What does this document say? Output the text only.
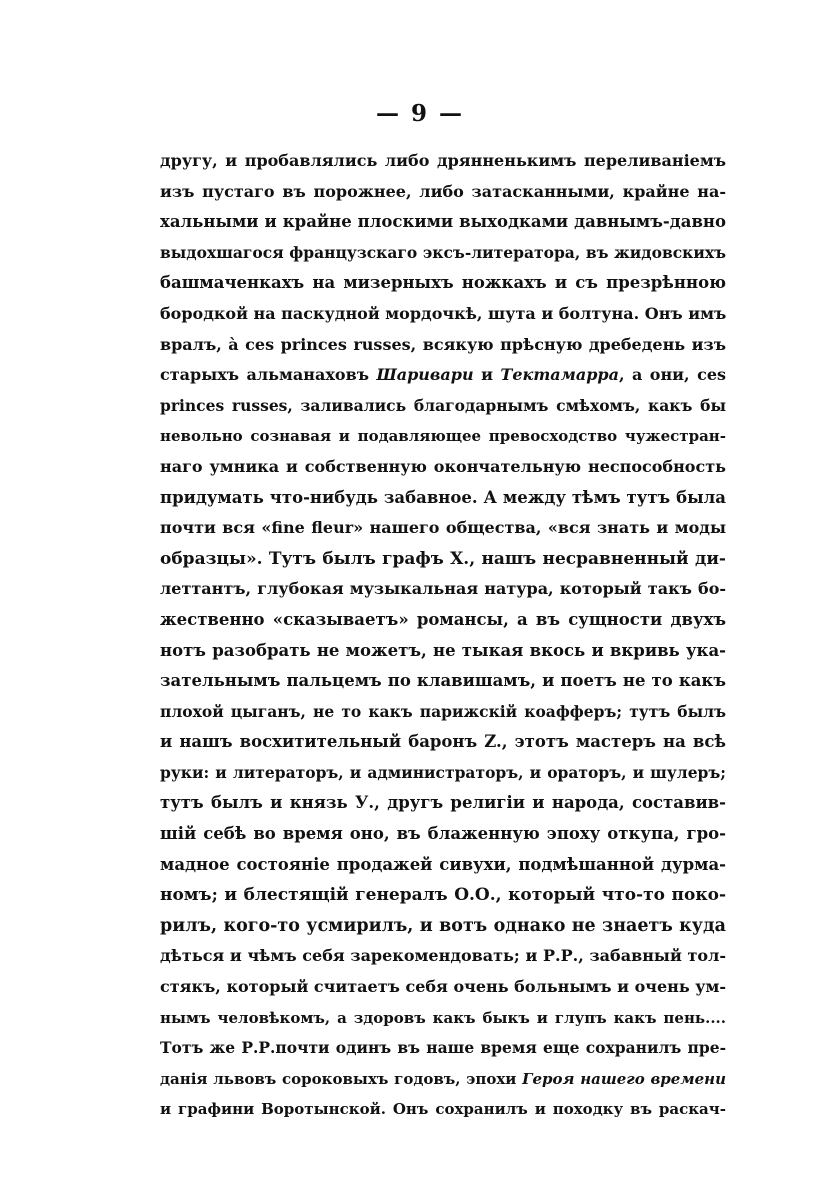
— 9 —
другу, и пробавлялись либо дрянненькимъ переливаніемъ
изъ пустаго въ порожнее, либо затасканными, крайне на-
хальными и крайне плоскими выходками давнымъ-давно
выдохшагося французскаго эксъ-литератора, въ жидовскихъ
башмаченкахъ на мизерныхъ ножкахъ и съ презрѣнною
бородкой на паскудной мордочкѣ, шута и болтуна. Онъ имъ
вралъ, à ces princes russes, всякую прѣсную дребедень изъ
старыхъ альманаховъ Шаривари и Тектамарра, а они, ces
princes russes, заливались благодарнымъ смѣхомъ, какъ бы
невольно сознавая и подавляющее превосходство чужестран-
наго умника и собственную окончательную неспособность
придумать что-нибудь забавное. А между тѣмъ тутъ была
почти вся «fine fleur» нашего общества, «вся знать и моды
образцы». Тутъ былъ графъ Х., нашъ несравненный ди-
леттантъ, глубокая музыкальная натура, который такъ бо-
жественно «сказываетъ» романсы, а въ сущности двухъ
нотъ разобрать не можетъ, не тыкая вкось и вкривь ука-
зательнымъ пальцемъ по клавишамъ, и поетъ не то какъ
плохой цыганъ, не то какъ парижскій коафферъ; тутъ былъ
и нашъ восхитительный баронъ Z., этотъ мастеръ на всѣ
руки: и литераторъ, и администраторъ, и ораторъ, и шулеръ;
тутъ былъ и князь У., другъ религіи и народа, составив-
шій себѣ во время оно, въ блаженную эпоху откупа, гро-
мадное состояніе продажей сивухи, подмѣшанной дурма-
номъ; и блестящій генералъ О.О., который что-то поко-
рилъ, кого-то усмирилъ, и вотъ однако не знаетъ куда
дѣться и чѣмъ себя зарекомендовать; и Р.Р., забавный тол-
стякъ, который считаетъ себя очень больнымъ и очень ум-
нымъ человѣкомъ, а здоровъ какъ быкъ и глупъ какъ пень....
Тотъ же Р.Р.почти одинъ въ наше время еще сохранилъ пре-
данія львовъ сороковыхъ годовъ, эпохи Героя нашего времени
и графини Воротынской. Онъ сохранилъ и походку въ раскач-
